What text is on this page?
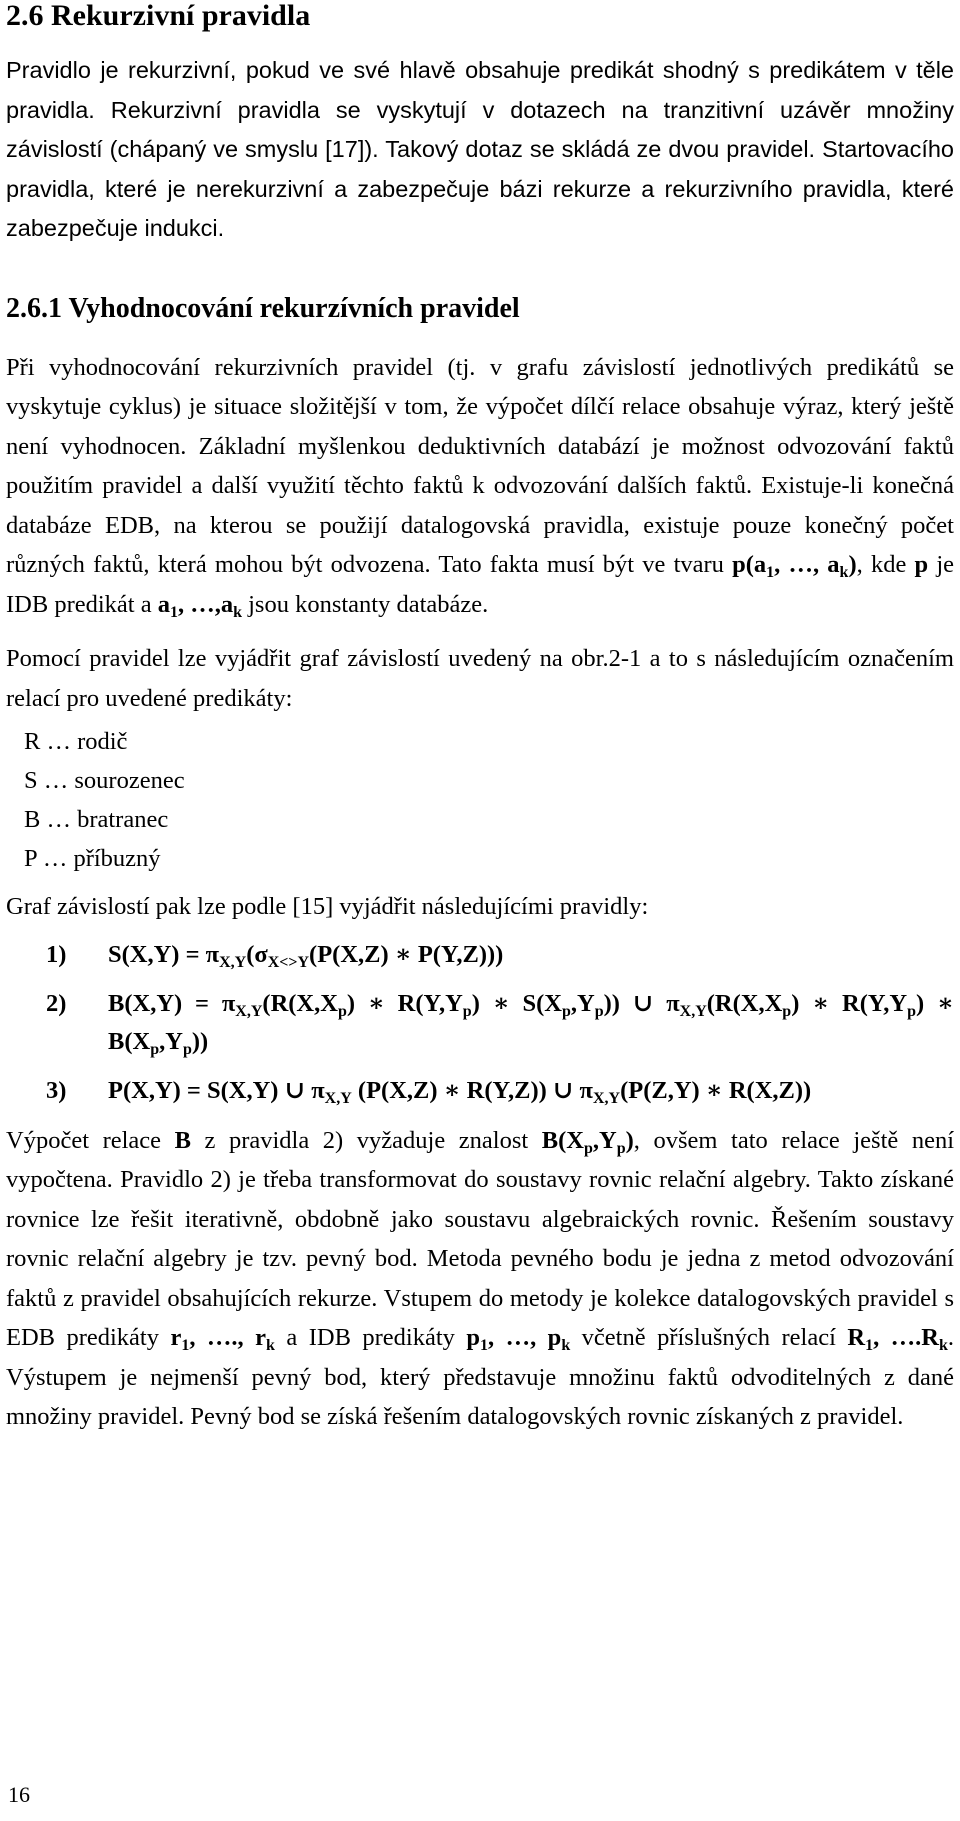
2.6 Rekurzivní pravidla

Pravidlo je rekurzivní, pokud ve své hlavě obsahuje predikát shodný s predikátem v těle pravidla. Rekurzivní pravidla se vyskytují v dotazech na tranzitivní uzávěr množiny závislostí (chápaný ve smyslu [17]). Takový dotaz se skládá ze dvou pravidel. Startovacího pravidla, které je nerekurzivní a zabezpečuje bázi rekurze a rekurzivního pravidla, které zabezpečuje indukci.

2.6.1 Vyhodnocování rekurzívních pravidel

Při vyhodnocování rekurzivních pravidel (tj. v grafu závislostí jednotlivých predikátů se vyskytuje cyklus) je situace složitější v tom, že výpočet dílčí relace obsahuje výraz, který ještě není vyhodnocen. Základní myšlenkou deduktivních databází je možnost odvozování faktů použitím pravidel a další využití těchto faktů k odvozování dalších faktů. Existuje-li konečná databáze EDB, na kterou se použijí datalogovská pravidla, existuje pouze konečný počet různých faktů, která mohou být odvozena. Tato fakta musí být ve tvaru $p(a_1$, …, $a_k$), kde p je IDB predikát a $a_1$, $\dots,a_k$ jsou konstanty databáze.

Pomocí pravidel lze vyjádřit graf závislostí uvedený na obr.2-1 a to s následujícím označením relací pro uvedené predikáty:

R … rodič
S … sourozenec
B … bratranec
P … příbuzný

Graf závislostí pak lze podle [15] vyjádřit následujícími pravidly:

1)	$S(X,Y) = \pi_{X,Y}(\sigma_{X<>Y}(P(X,Z)$ ∗ P(Y,Z)))
2)	$B(X,Y) = \pi_{X,Y}(R(X,X_p)$ ∗ $R(Y,Y_p)$ ∗ $S(X_p,Y_p)$) ∪ $\pi_{X,Y}(R(X,X_p)$ ∗ $R(Y,Y_p)$ ∗ $B(X_p,Y_p)$)
3)	P(X,Y) = S(X,Y) ∪ $\pi_{X,Y}$ (P(X,Z) ∗ R(Y,Z)) ∪ $\pi_{X,Y}(P(Z,Y)$ ∗ R(X,Z))

Výpočet relace B z pravidla 2) vyžaduje znalost $B(X_p,Y_p)$, ovšem tato relace ještě není vypočtena. Pravidlo 2) je třeba transformovat do soustavy rovnic relační algebry. Takto získané rovnice lze řešit iterativně, obdobně jako soustavu algebraických rovnic. Řešením soustavy rovnic relační algebry je tzv. pevný bod. Metoda pevného bodu je jedna z metod odvozování faktů z pravidel obsahujících rekurze. Vstupem do metody je kolekce datalogovských pravidel s EDB predikáty $r_1$, …., $r_k$ a IDB predikáty $p_1$, …, $p_k$ včetně příslušných relací $R_1$, $\dots.R_k$. Výstupem je nejmenší pevný bod, který představuje množinu faktů odvoditelných z dané množiny pravidel. Pevný bod se získá řešením datalogovských rovnic získaných z pravidel.

16
